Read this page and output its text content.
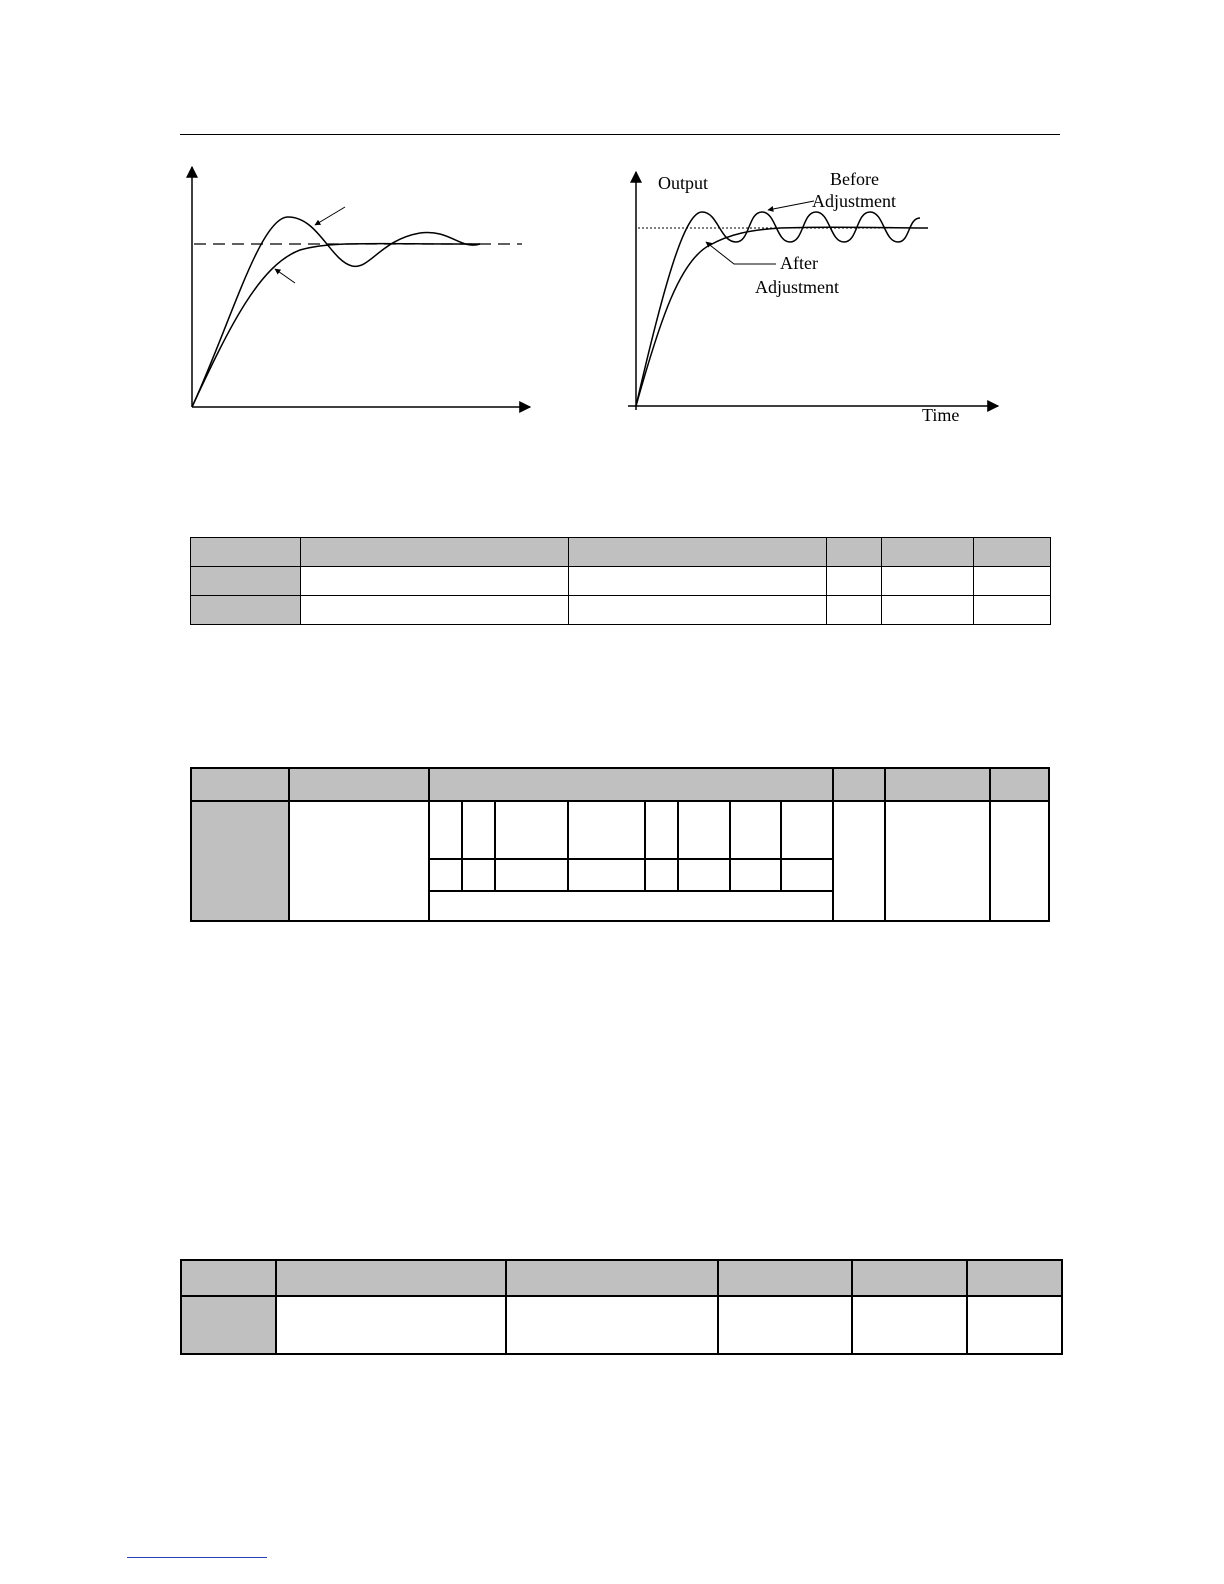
Output
Time
Before
Adjustment
After
Adjustment
